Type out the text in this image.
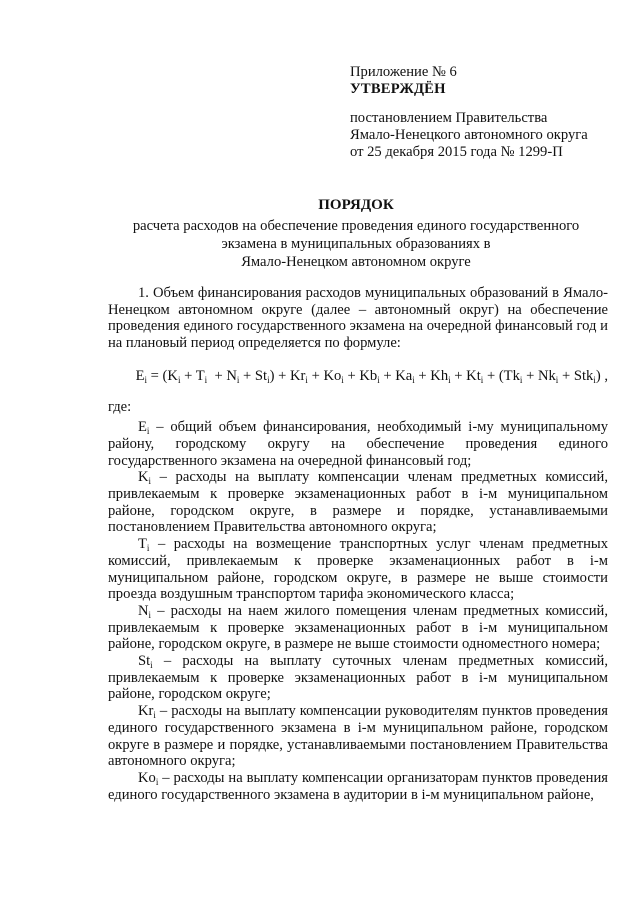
Приложение № 6
УТВЕРЖДЁН
постановлением Правительства
Ямало-Ненецкого автономного округа
от 25 декабря 2015 года № 1299-П
ПОРЯДОК
расчета расходов на обеспечение проведения единого государственного
экзамена в муниципальных образованиях в
Ямало-Ненецком автономном округе

1. Объем финансирования расходов муниципальных образований в Ямало-Ненецком автономном округе (далее – автономный округ) на обеспечение проведения единого государственного экзамена на очередной финансовый год и на плановый период определяется по формуле:

$E_i = (K_i + T_i + N_i + St_i) + Kr_i + Ko_i + Kb_i + Ka_i + Kh_i + Kt_i + (Tk_i + Nk_i + Stk_i)$ ,

где:

$E_i$ – общий объем финансирования, необходимый i-му муниципальному району, городскому округу на обеспечение проведения единого государственного экзамена на очередной финансовый год;

$K_i$ – расходы на выплату компенсации членам предметных комиссий, привлекаемым к проверке экзаменационных работ в i-м муниципальном районе, городском округе, в размере и порядке, устанавливаемыми постановлением Правительства автономного округа;

$T_i$ – расходы на возмещение транспортных услуг членам предметных комиссий, привлекаемым к проверке экзаменационных работ в i-м муниципальном районе, городском округе, в размере не выше стоимости проезда воздушным транспортом тарифа экономического класса;

$N_i$ – расходы на наем жилого помещения членам предметных комиссий, привлекаемым к проверке экзаменационных работ в i-м муниципальном районе, городском округе, в размере не выше стоимости одноместного номера;

$St_i$ – расходы на выплату суточных членам предметных комиссий, привлекаемым к проверке экзаменационных работ в i-м муниципальном районе, городском округе;

$Kr_i$ – расходы на выплату компенсации руководителям пунктов проведения единого государственного экзамена в i-м муниципальном районе, городском округе в размере и порядке, устанавливаемыми постановлением Правительства автономного округа;

$Ko_i$ – расходы на выплату компенсации организаторам пунктов проведения единого государственного экзамена в аудитории в i-м муниципальном районе,
